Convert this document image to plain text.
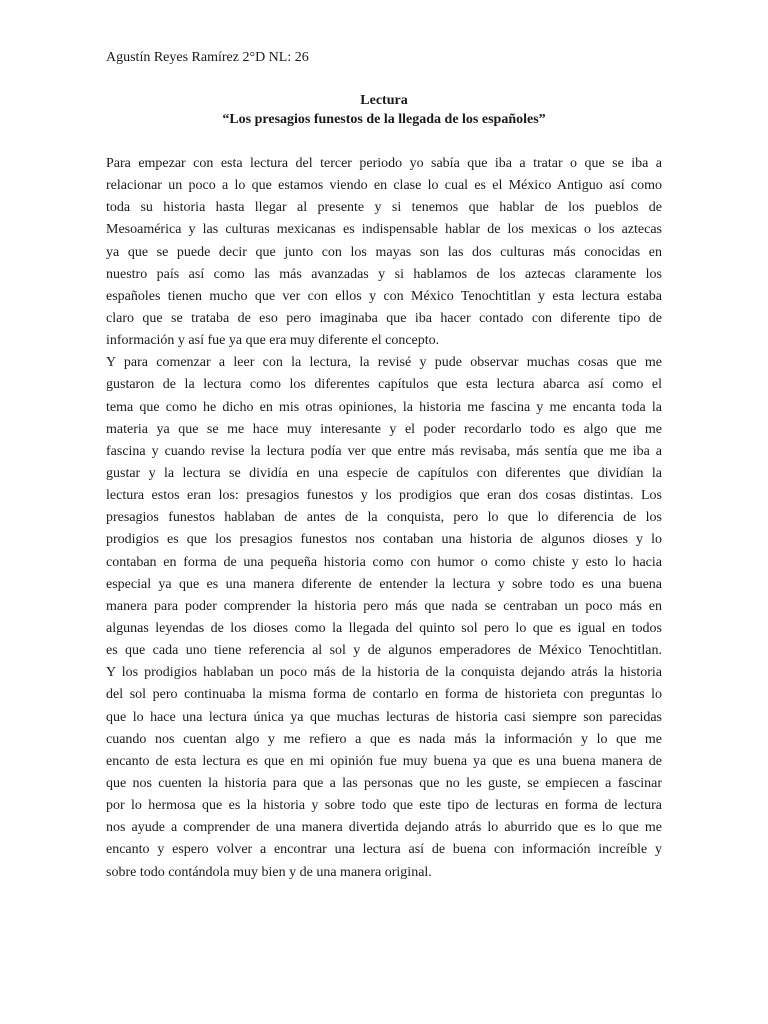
Agustín Reyes Ramírez 2°D NL: 26
Lectura
“Los presagios funestos de la llegada de los españoles”
Para empezar con esta lectura del tercer periodo yo sabía que iba a tratar o que se iba a
relacionar un poco a lo que estamos viendo en clase lo cual es el México Antiguo así como
toda su historia hasta llegar al presente y si tenemos que hablar de los pueblos de
Mesoamérica y las culturas mexicanas es indispensable hablar de los mexicas o los aztecas
ya que se puede decir que junto con los mayas son las dos culturas más conocidas en
nuestro país así como las más avanzadas y si hablamos de los aztecas claramente los
españoles tienen mucho que ver con ellos y con México Tenochtitlan y esta lectura estaba
claro que se trataba de eso pero imaginaba que iba hacer contado con diferente tipo de
información y así fue ya que era muy diferente el concepto.
Y para comenzar a leer con la lectura, la revisé y pude observar muchas cosas que me
gustaron de la lectura como los diferentes capítulos que esta lectura abarca así como el
tema que como he dicho en mis otras opiniones, la historia me fascina y me encanta toda la
materia ya que se me hace muy interesante y el poder recordarlo todo es algo que me
fascina y cuando revise la lectura podía ver que entre más revisaba, más sentía que me iba a
gustar y la lectura se dividía en una especie de capítulos con diferentes que dividían la
lectura estos eran los: presagios funestos y los prodigios que eran dos cosas distintas. Los
presagios funestos hablaban de antes de la conquista, pero lo que lo diferencia de los
prodigios es que los presagios funestos nos contaban una historia de algunos dioses y lo
contaban en forma de una pequeña historia como con humor o como chiste y esto lo hacia
especial ya que es una manera diferente de entender la lectura y sobre todo es una buena
manera para poder comprender la historia pero más que nada se centraban un poco más en
algunas leyendas de los dioses como la llegada del quinto sol pero lo que es igual en todos
es que cada uno tiene referencia al sol y de algunos emperadores de México Tenochtitlan.
Y los prodigios hablaban un poco más de la historia de la conquista dejando atrás la historia
del sol pero continuaba la misma forma de contarlo en forma de historieta con preguntas lo
que lo hace una lectura única ya que muchas lecturas de historia casi siempre son parecidas
cuando nos cuentan algo y me refiero a que es nada más la información y lo que me
encanto de esta lectura es que en mi opinión fue muy buena ya que es una buena manera de
que nos cuenten la historia para que a las personas que no les guste, se empiecen a fascinar
por lo hermosa que es la historia y sobre todo que este tipo de lecturas en forma de lectura
nos ayude a comprender de una manera divertida dejando atrás lo aburrido que es lo que me
encanto y espero volver a encontrar una lectura así de buena con información increíble y
sobre todo contándola muy bien y de una manera original.
